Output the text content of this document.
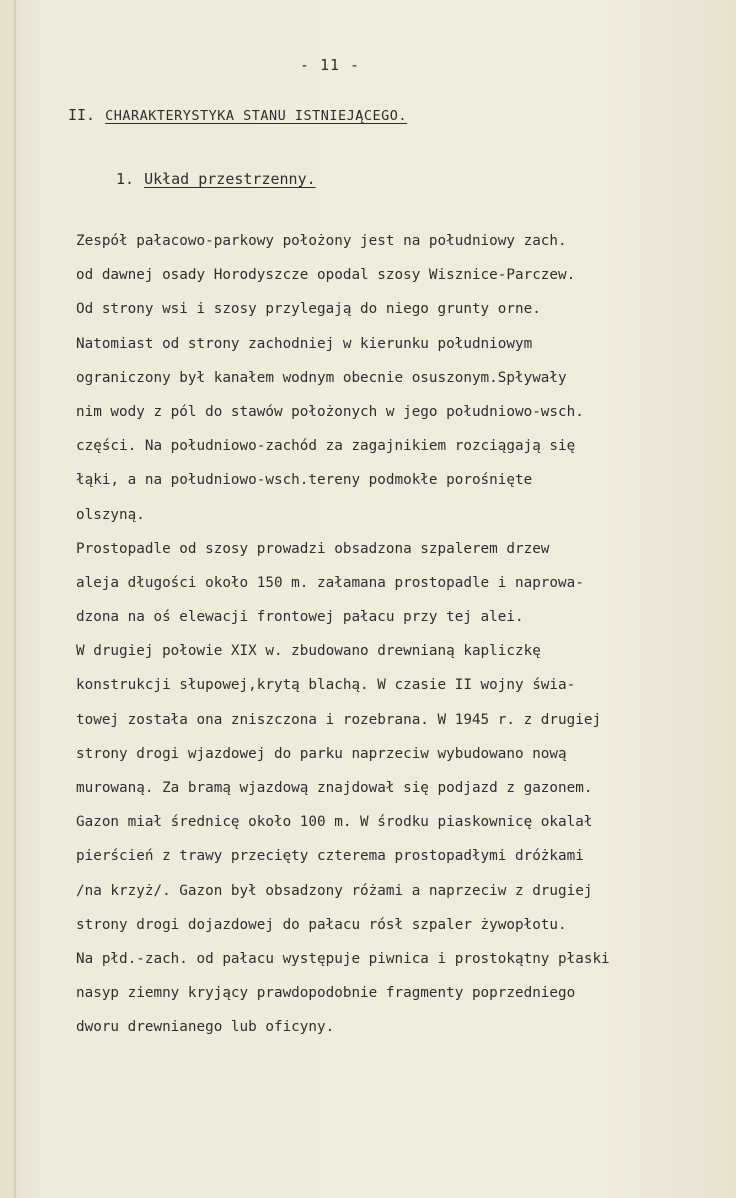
- 11 -
II. CHARAKTERYSTYKA STANU ISTNIEJĄCEGO.
1. Układ przestrzenny.
Zespół pałacowo-parkowy położony jest na południowy zach.
od dawnej osady Horodyszcze opodal szosy Wisznice-Parczew.
Od strony wsi i szosy przylegają do niego grunty orne.
Natomiast od strony zachodniej w kierunku południowym
ograniczony był kanałem wodnym obecnie osuszonym.Spływały
nim wody z pól do stawów położonych w jego południowo-wsch.
części. Na południowo-zachód za zagajnikiem rozciągają się
łąki, a na południowo-wsch.tereny podmokłe porośnięte
olszyną.
Prostopadle od szosy prowadzi obsadzona szpalerem drzew
aleja długości około 150 m. załamana prostopadle i naprowa-
dzona na oś elewacji frontowej pałacu przy tej alei.
W drugiej połowie XIX w. zbudowano drewnianą kapliczkę
konstrukcji słupowej,krytą blachą. W czasie II wojny świa-
towej została ona zniszczona i rozebrana. W 1945 r. z drugiej
strony drogi wjazdowej do parku naprzeciw wybudowano nową
murowaną. Za bramą wjazdową znajdował się podjazd z gazonem.
Gazon miał średnicę około 100 m. W środku piaskownicę okalał
pierścień z trawy przecięty czterema prostopadłymi dróżkami
/na krzyż/. Gazon był obsadzony różami a naprzeciw z drugiej
strony drogi dojazdowej do pałacu rósł szpaler żywopłotu.
Na płd.-zach. od pałacu występuje piwnica i prostokątny płaski
nasyp ziemny kryjący prawdopodobnie fragmenty poprzedniego
dworu drewnianego lub oficyny.
